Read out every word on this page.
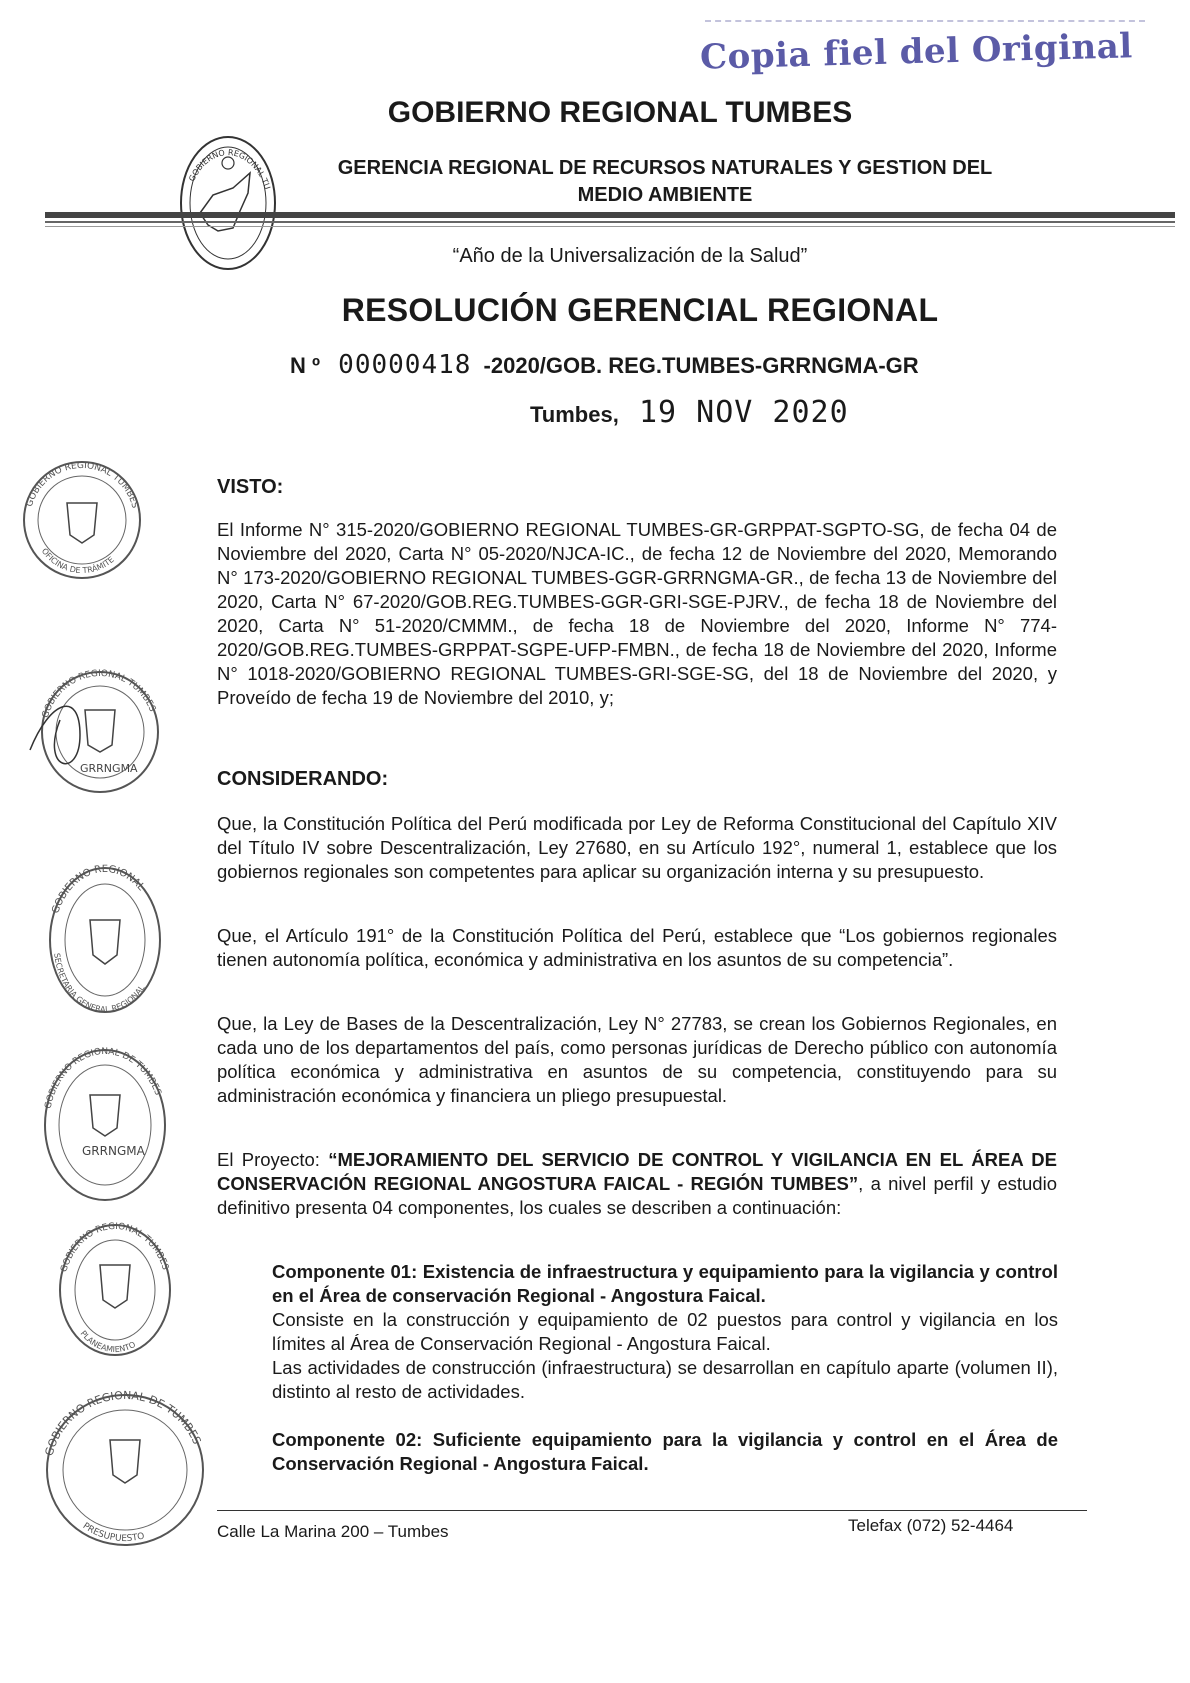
Copia fiel del Original
GOBIERNO REGIONAL TUMBES
GERENCIA REGIONAL DE RECURSOS NATURALES Y GESTION DEL
MEDIO AMBIENTE
GOBIERNO REGIONAL TU
“Año de la Universalización de la Salud”
RESOLUCIÓN GERENCIAL REGIONAL
N º 00000418 -2020/GOB. REG.TUMBES-GRRNGMA-GR
Tumbes, 19 NOV 2020
VISTO:
El Informe N° 315-2020/GOBIERNO REGIONAL TUMBES-GR-GRPPAT-SGPTO-SG, de fecha 04 de Noviembre del 2020, Carta N° 05-2020/NJCA-IC., de fecha 12 de Noviembre del 2020, Memorando N° 173-2020/GOBIERNO REGIONAL TUMBES-GGR-GRRNGMA-GR., de fecha 13 de Noviembre del 2020, Carta N° 67-2020/GOB.REG.TUMBES-GGR-GRI-SGE-PJRV., de fecha 18 de Noviembre del 2020, Carta N° 51-2020/CMMM., de fecha 18 de Noviembre del 2020, Informe N° 774-2020/GOB.REG.TUMBES-GRPPAT-SGPE-UFP-FMBN., de fecha 18 de Noviembre del 2020, Informe N° 1018-2020/GOBIERNO REGIONAL TUMBES-GRI-SGE-SG, del 18 de Noviembre del 2020, y Proveído de fecha 19 de Noviembre del 2010, y;
CONSIDERANDO:
Que, la Constitución Política del Perú modificada por Ley de Reforma Constitucional del Capítulo XIV del Título IV sobre Descentralización, Ley 27680, en su Artículo 192°, numeral 1, establece que los gobiernos regionales son competentes para aplicar su organización interna y su presupuesto.
Que, el Artículo 191° de la Constitución Política del Perú, establece que “Los gobiernos regionales tienen autonomía política, económica y administrativa en los asuntos de su competencia”.
Que, la Ley de Bases de la Descentralización, Ley N° 27783, se crean los Gobiernos Regionales, en cada uno de los departamentos del país, como personas jurídicas de Derecho público con autonomía política económica y administrativa en asuntos de su competencia, constituyendo para su administración económica y financiera un pliego presupuestal.
El Proyecto: “MEJORAMIENTO DEL SERVICIO DE CONTROL Y VIGILANCIA EN EL ÁREA DE CONSERVACIÓN REGIONAL ANGOSTURA FAICAL - REGIÓN TUMBES”, a nivel perfil y estudio definitivo presenta 04 componentes, los cuales se describen a continuación:
Componente 01: Existencia de infraestructura y equipamiento para la vigilancia y control en el Área de conservación Regional - Angostura Faical.
Consiste en la construcción y equipamiento de 02 puestos para control y vigilancia en los límites al Área de Conservación Regional - Angostura Faical.
Las actividades de construcción (infraestructura) se desarrollan en capítulo aparte (volumen II), distinto al resto de actividades.
Componente 02: Suficiente equipamiento para la vigilancia y control en el Área de Conservación Regional - Angostura Faical.
Calle La Marina 200 – Tumbes	Telefax (072) 52-4464
GOBIERNO REGIONAL TUMBES
OFICINA DE TRÁMITE
GOBIERNO REGIONAL TUMBES
GRRNGMA
GOBIERNO REGIONAL
SECRETARIA GENERAL REGIONAL
GOBIERNO REGIONAL DE TUMBES
GRRNGMA
GOBIERNO REGIONAL TUMBES
PLANEAMIENTO
GOBIERNO REGIONAL DE TUMBES
PRESUPUESTO
